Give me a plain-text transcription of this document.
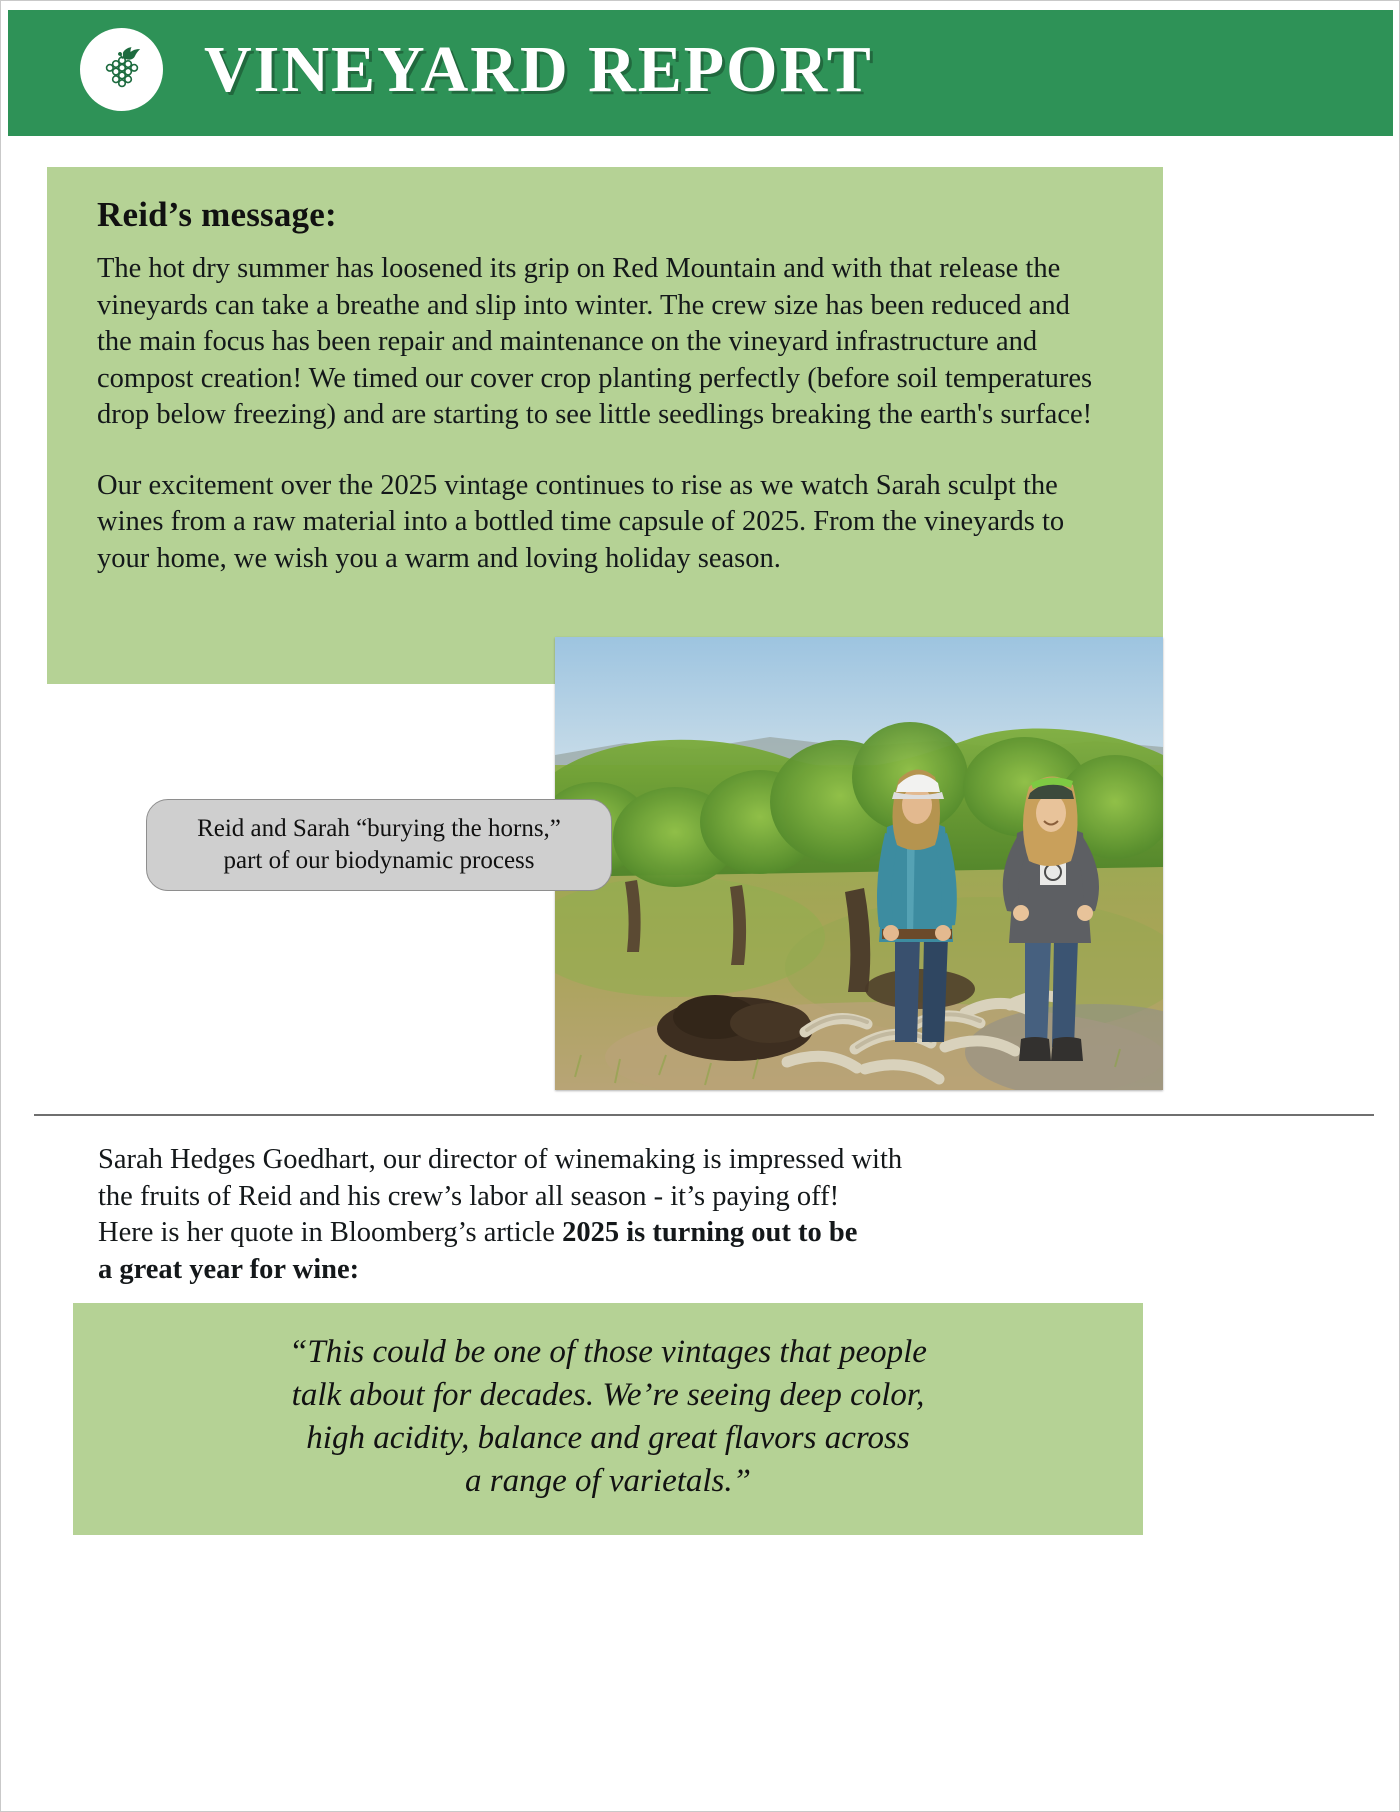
VINEYARD REPORT
Reid’s message:

The hot dry summer has loosened its grip on Red Mountain and with that release the vineyards can take a breathe and slip into winter. The crew size has been reduced and the main focus has been repair and maintenance on the vineyard infrastructure and compost creation! We timed our cover crop planting perfectly (before soil temperatures drop below freezing) and are starting to see little seedlings breaking the earth's surface!

Our excitement over the 2025 vintage continues to rise as we watch Sarah sculpt the wines from a raw material into a bottled time capsule of 2025. From the vineyards to your home, we wish you a warm and loving holiday season.

Reid and Sarah “burying the horns,”
part of our biodynamic process

Sarah Hedges Goedhart, our director of winemaking is impressed with

the fruits of Reid and his crew’s labor all season - it’s paying off!

Here is her quote in Bloomberg’s article 2025 is turning out to be

a great year for wine:

“This could be one of those vintages that people
talk about for decades. We’re seeing deep color,
high acidity, balance and great flavors across
a range of varietals.”
